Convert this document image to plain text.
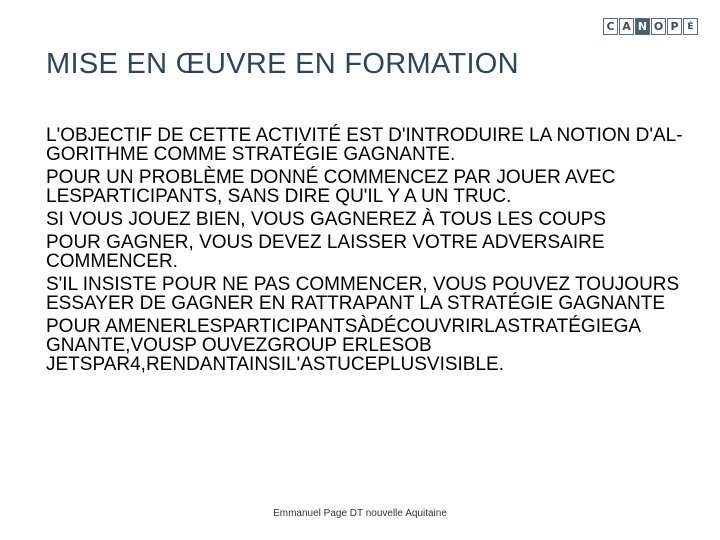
C A N O P É
MISE EN ŒUVRE EN FORMATION

L'OBJECTIF DE CETTE ACTIVITÉ EST D'INTRODUIRE LA NOTION D'AL-GORITHME COMME STRATÉGIE GAGNANTE.

POUR UN PROBLÈME DONNÉ COMMENCEZ PAR JOUER AVEC LESPARTICIPANTS, SANS DIRE QU'IL Y A UN TRUC.

SI VOUS JOUEZ BIEN, VOUS GAGNEREZ À TOUS LES COUPS

POUR GAGNER, VOUS DEVEZ LAISSER VOTRE ADVERSAIRE COMMENCER.

S'IL INSISTE POUR NE PAS COMMENCER, VOUS POUVEZ TOUJOURS ESSAYER DE GAGNER EN RATTRAPANT LA STRATÉGIE GAGNANTE

POUR AMENERLESPARTICIPANTSÀDÉCOUVRIRLASTRATÉGIEGA GNANTE,VOUSP OUVEZGROUP ERLESOB JETSPAR4,RENDANTAINSIL'ASTUCEPLUSVISIBLE.

Emmanuel Page DT nouvelle Aquitaine
